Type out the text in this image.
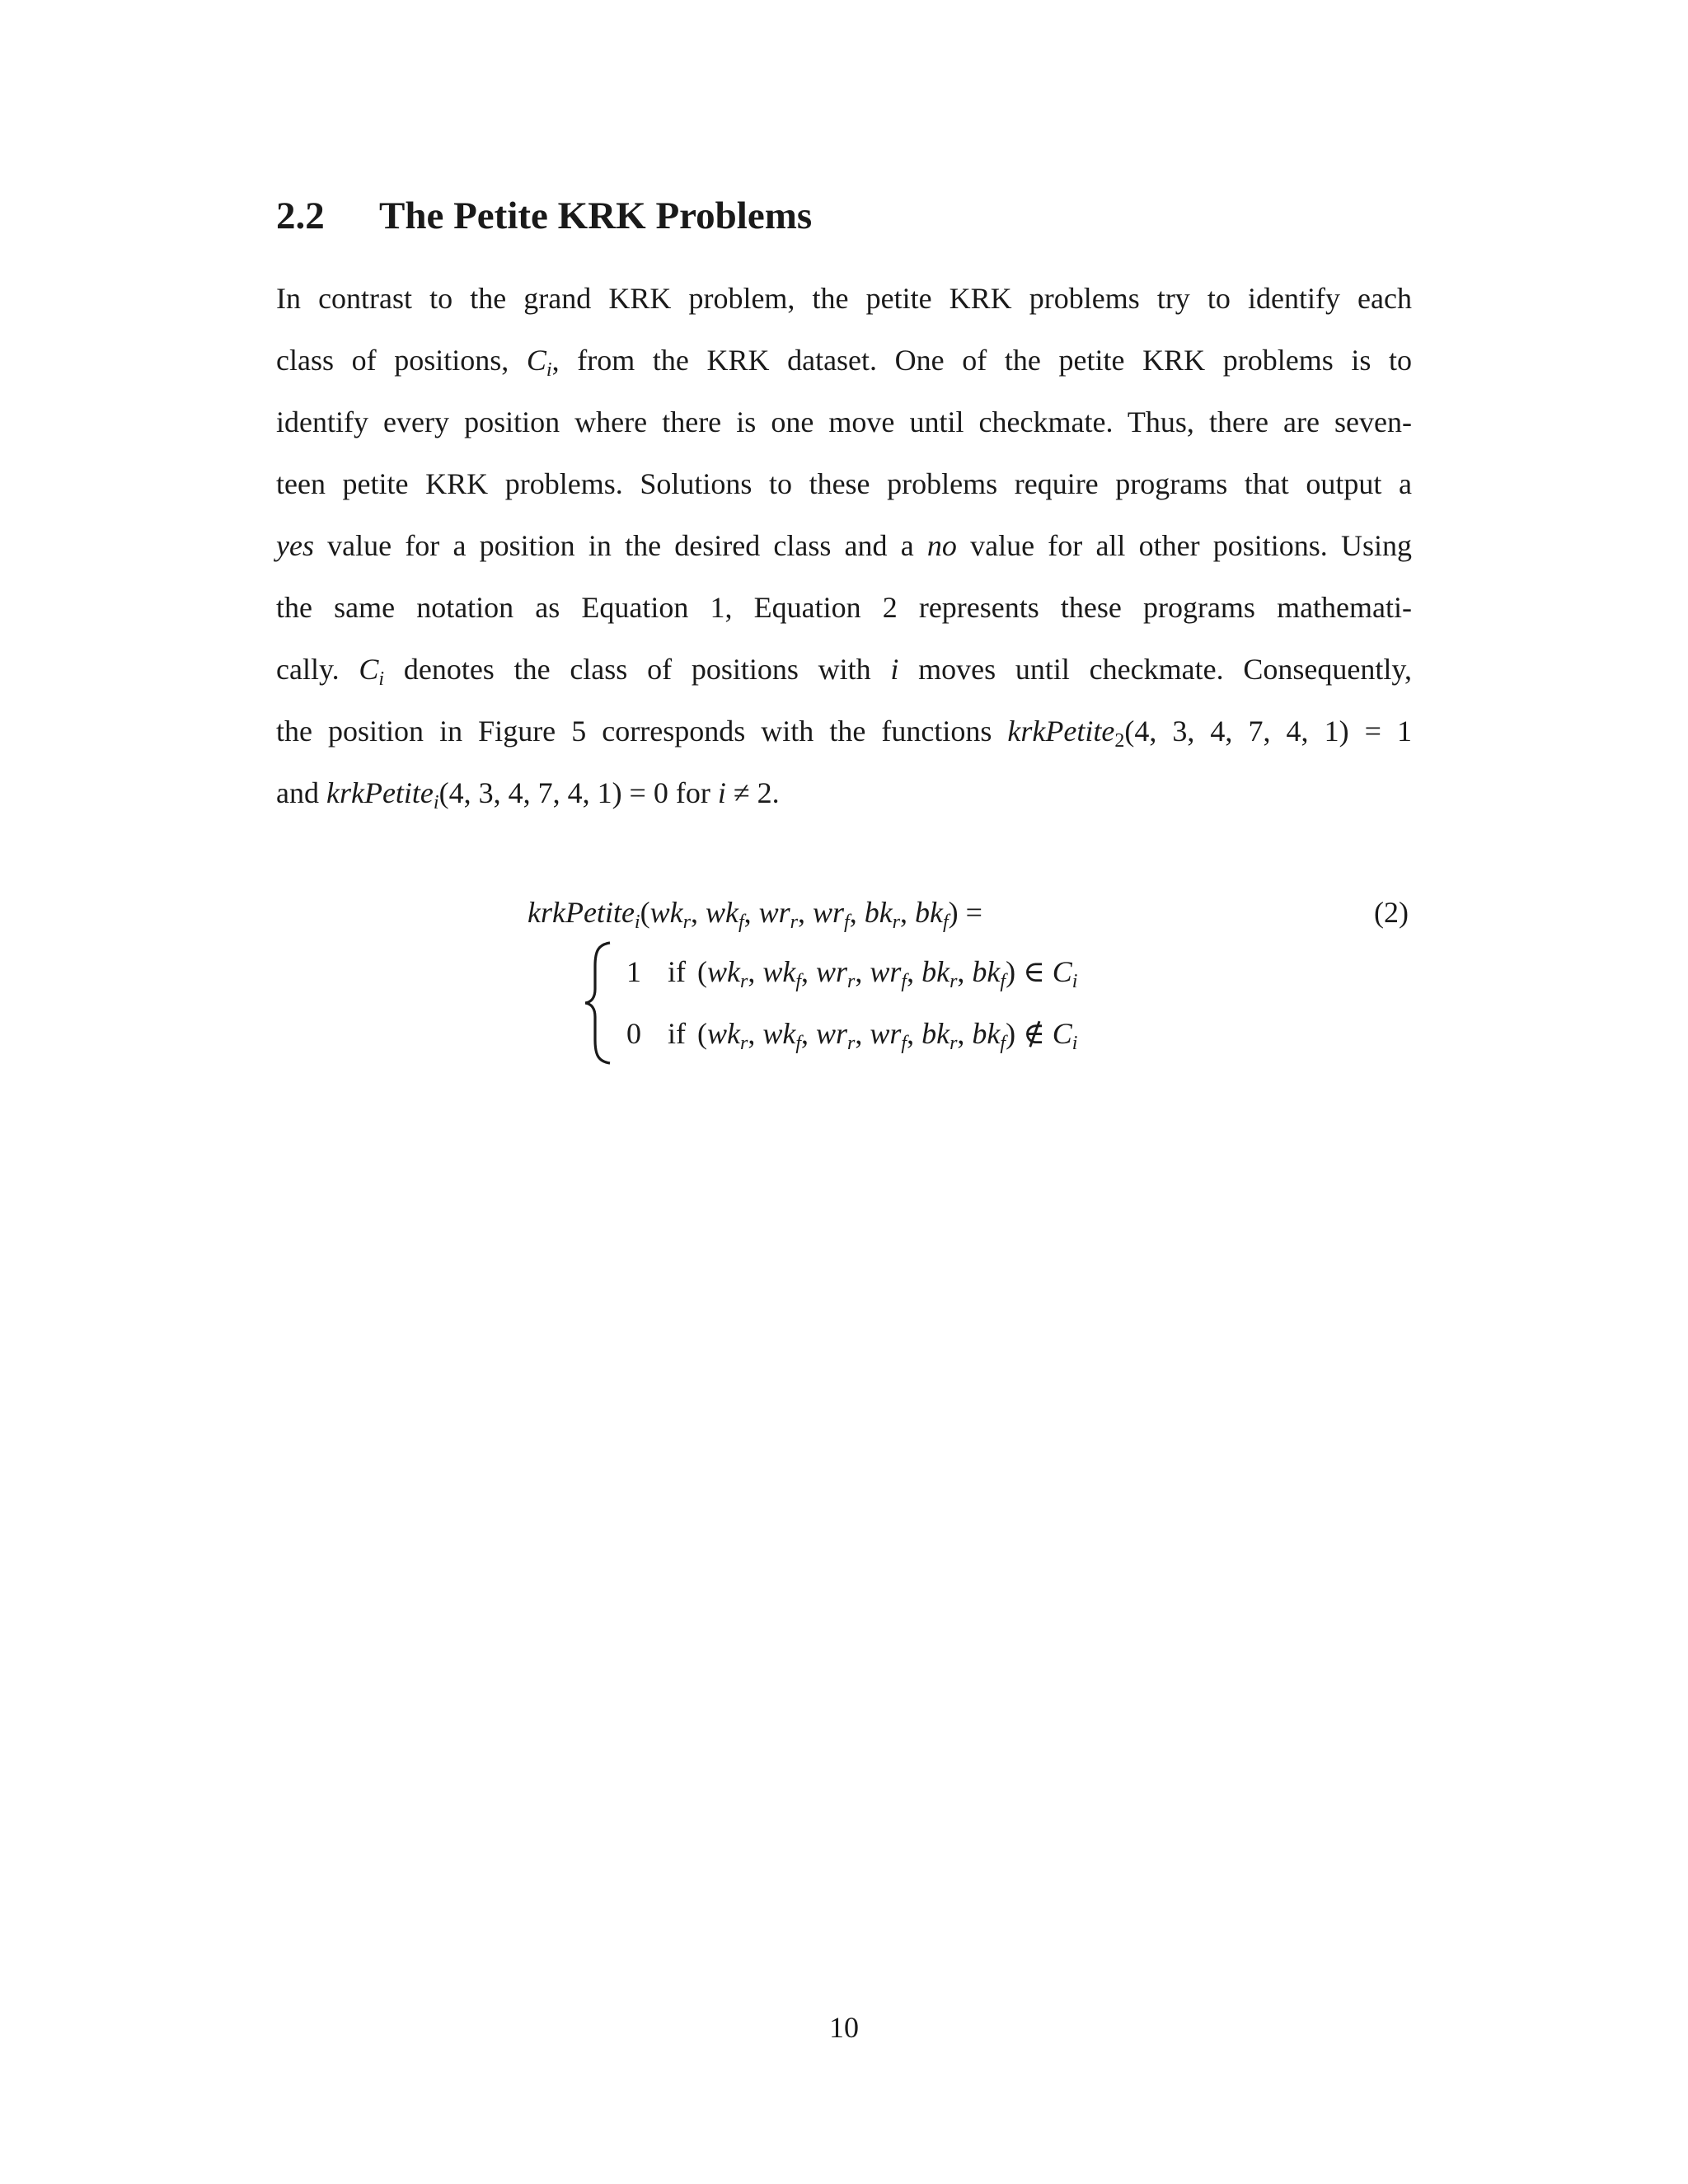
2.2 The Petite KRK Problems
In contrast to the grand KRK problem, the petite KRK problems try to identify each
class of positions, $C_i$, from the KRK dataset. One of the petite KRK problems is to
identify every position where there is one move until checkmate. Thus, there are seven-
teen petite KRK problems. Solutions to these problems require programs that output a
yes value for a position in the desired class and a no value for all other positions. Using
the same notation as Equation 1, Equation 2 represents these programs mathemati-
cally. $C_i$ denotes the class of positions with i moves until checkmate. Consequently,
the position in Figure 5 corresponds with the functions krkPetite$_2$(4, 3, 4, 7, 4, 1) = 1
and krkPetite$_i$(4, 3, 4, 7, 4, 1) = 0 for i ≠ 2.
$krkPetite_i(wk_r$, $wk_f$, $wr_r$, $wr_f$, $bk_r$, $bk_f$) =	(2)
1 if ($wk_r$, $wk_f$, $wr_r$, $wr_f$, $bk_r$, $bk_f$) ∈ $C_i$
0 if ($wk_r$, $wk_f$, $wr_r$, $wr_f$, $bk_r$, $bk_f$) ∉ $C_i$
10
